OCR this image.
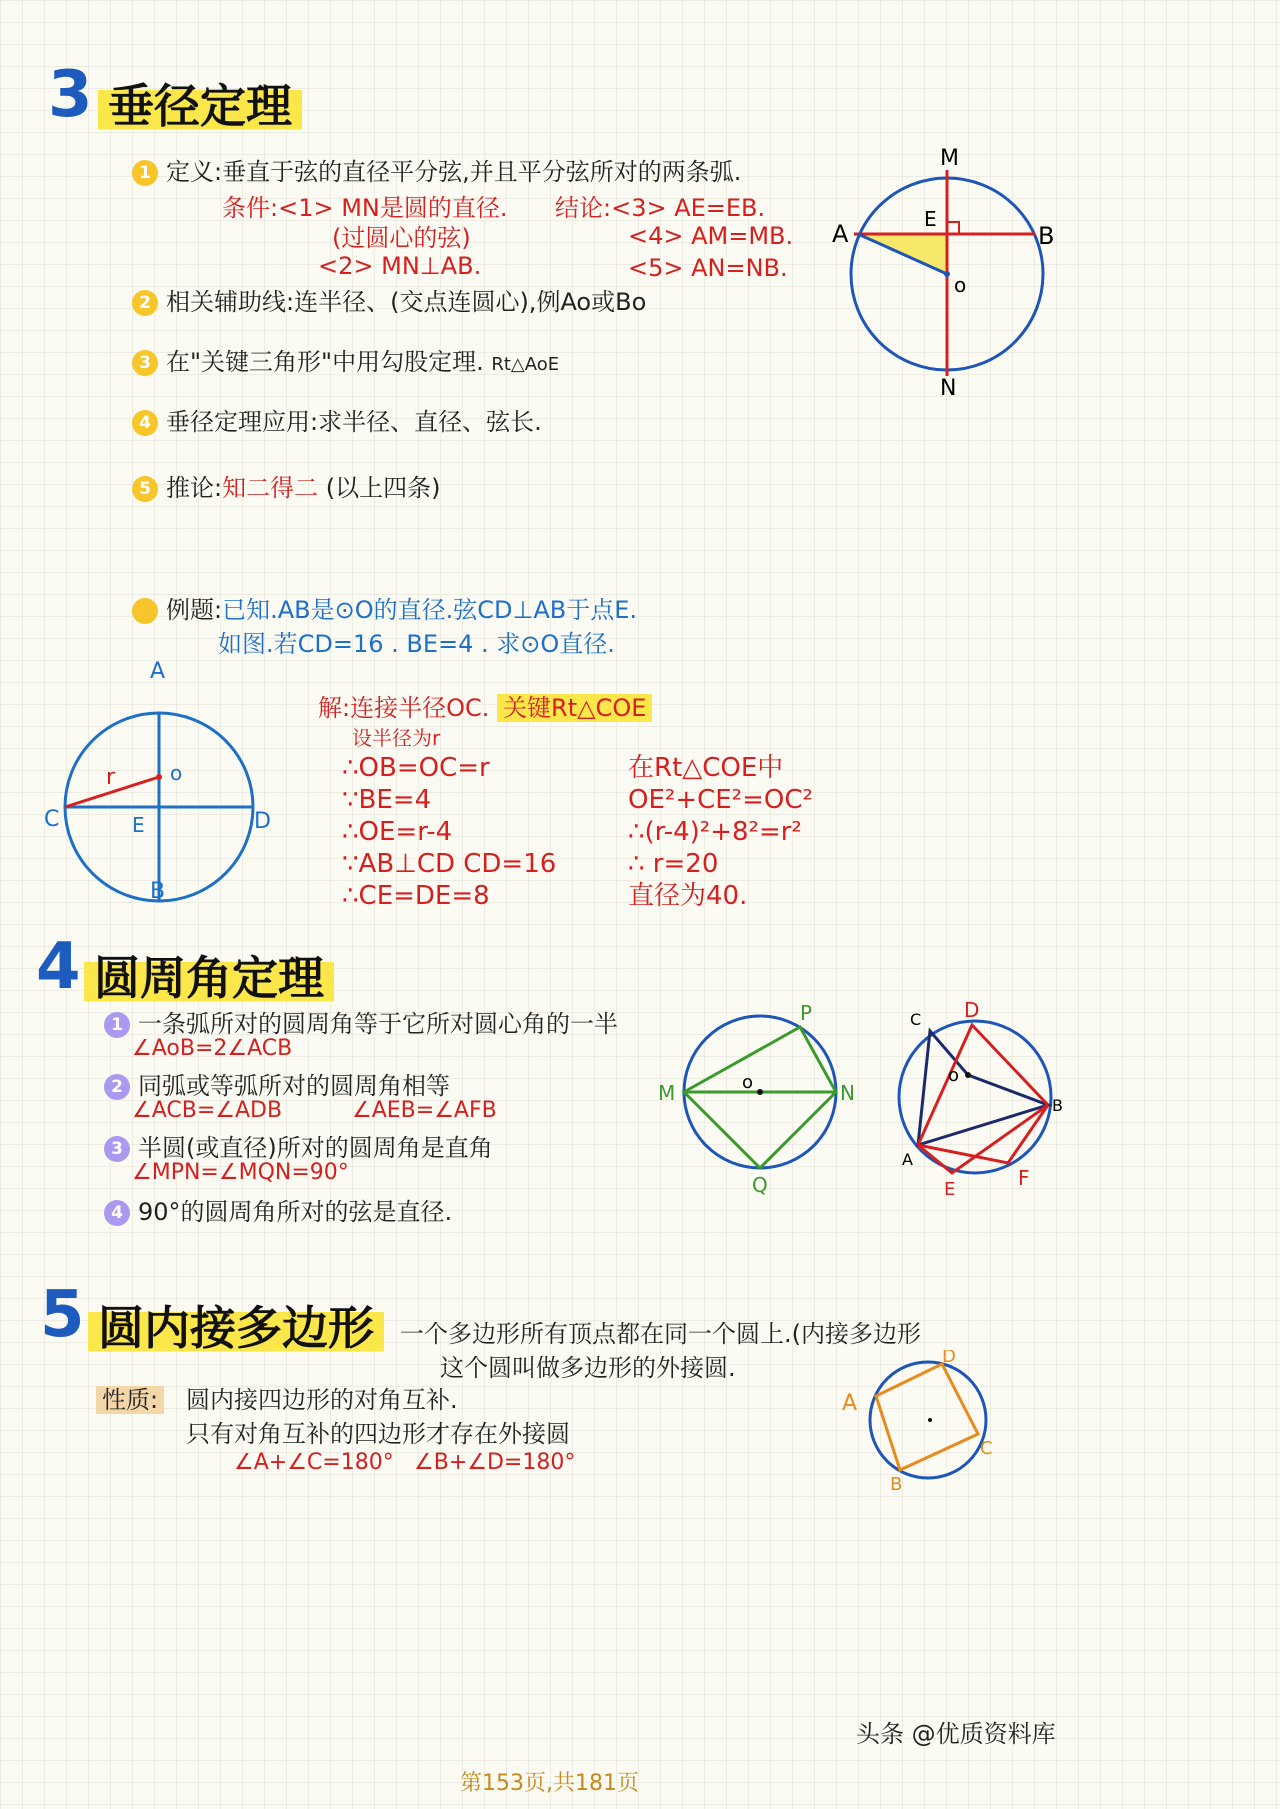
3 垂径定理
1 定义:垂直于弦的直径平分弦,并且平分弦所对的两条弧.
条件:<1> MN是圆的直径.
(过圆心的弦)
<2> MN⊥AB.
结论:<3> AE=EB.
<4> AM=MB.
<5> AN=NB.
2 相关辅助线:连半径、(交点连圆心),例Ao或Bo
3 在"关键三角形"中用勾股定理. Rt△AoE
4 垂径定理应用:求半径、直径、弦长.
5 推论:知二得二 (以上四条)
M
N
A	B
E
o
例题:已知.AB是⊙O的直径.弦CD⊥AB于点E.
如图.若CD=16 . BE=4 . 求⊙O直径.
A
B
C	D
E
o
r
解:连接半径OC. 关键Rt△COE
设半径为r
∴OB=OC=r
∵BE=4
∴OE=r-4
∵AB⊥CD CD=16
∴CE=DE=8
在Rt△COE中
OE²+CE²=OC²
∴(r-4)²+8²=r²
∴ r=20
直径为40.
4 圆周角定理
1 一条弧所对的圆周角等于它所对圆心角的一半
∠AoB=2∠ACB
2 同弧或等弧所对的圆周角相等
∠ACB=∠ADB	∠AEB=∠AFB
3 半圆(或直径)所对的圆周角是直角
∠MPN=∠MQN=90°
4 90°的圆周角所对的弦是直径.
M	N
P
Q
o
A
B
C D
E	F
o
5 圆内接多边形	一个多边形所有顶点都在同一个圆上.(内接多边形
这个圆叫做多边形的外接圆.
性质: 圆内接四边形的对角互补.
只有对角互补的四边形才存在外接圆
∠A+∠C=180° ∠B+∠D=180°
A
B
C
D
头条 @优质资料库
第153页,共181页
